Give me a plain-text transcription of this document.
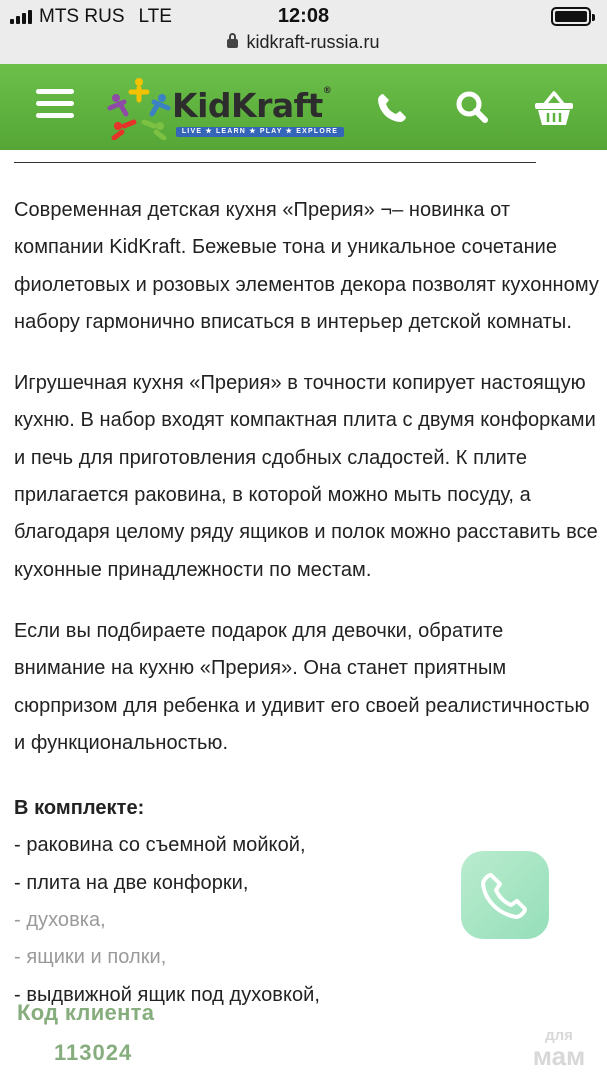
MTS RUS LTE	12:08
kidkraft-russia.ru
KidKraft®
LIVE ★ LEARN ★ PLAY ★ EXPLORE

Современная детская кухня «Прерия» ¬– новинка от компании KidKraft. Бежевые тона и уникальное сочетание фиолетовых и розовых элементов декора позволят кухонному набору гармонично вписаться в интерьер детской комнаты.

Игрушечная кухня «Прерия» в точности копирует настоящую кухню. В набор входят компактная плита с двумя конфорками и печь для приготовления сдобных сладостей. К плите прилагается раковина, в которой можно мыть посуду, а благодаря целому ряду ящиков и полок можно расставить все кухонные принадлежности по местам.

Если вы подбираете подарок для девочки, обратите внимание на кухню «Прерия». Она станет приятным сюрпризом для ребенка и удивит его своей реалистичностью и функциональностью.

В комплекте:
- раковина со съемной мойкой,
- плита на две конфорки,
- духовка,
- ящики и полки,
- выдвижной ящик под духовкой,
Код клиента
113024
для
мам
